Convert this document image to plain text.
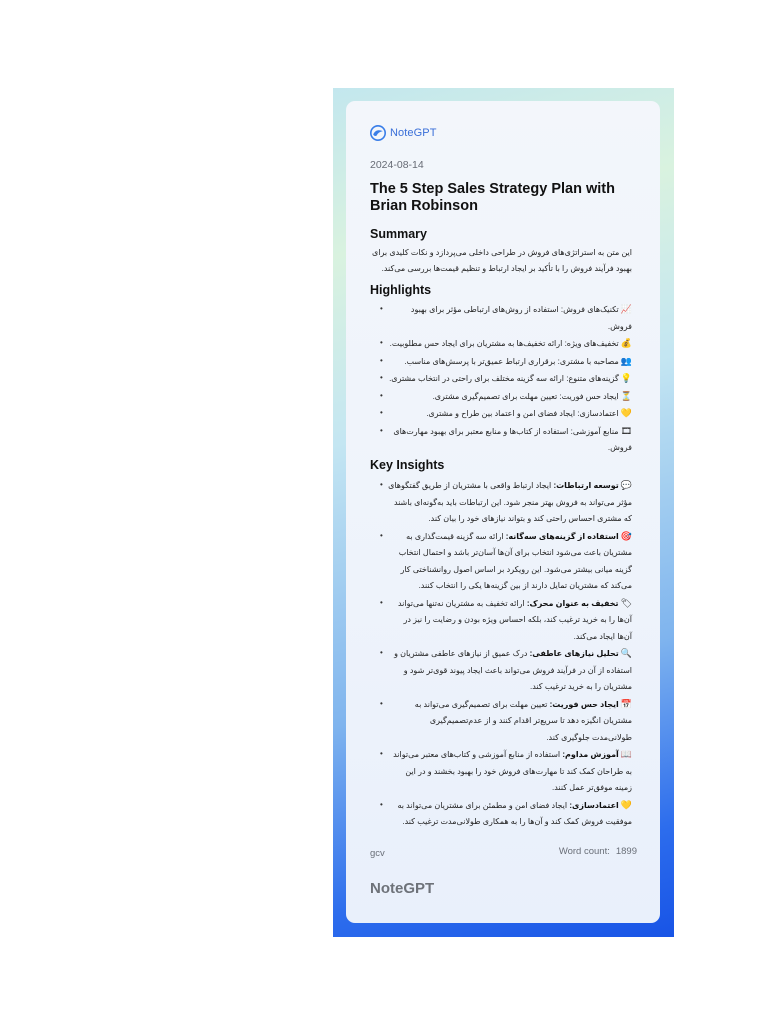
NoteGPT
2024-08-14
The 5 Step Sales Strategy Plan with Brian Robinson
Summary
این متن به استراتژی‌های فروش در طراحی داخلی می‌پردازد و نکات کلیدی برای بهبود فرآیند فروش را با تأکید بر ایجاد ارتباط و تنظیم قیمت‌ها بررسی می‌کند.
Highlights
•	📈تکنیک‌های فروش: استفاده از روش‌های ارتباطی مؤثر برای بهبود فروش.
•	💰تخفیف‌های ویژه: ارائه تخفیف‌ها به مشتریان برای ایجاد حس مطلوبیت.
•	👥مصاحبه با مشتری: برقراری ارتباط عمیق‌تر با پرسش‌های مناسب.
•	💡گزینه‌های متنوع: ارائه سه گزینه مختلف برای راحتی در انتخاب مشتری.
•	⏳ایجاد حس فوریت: تعیین مهلت برای تصمیم‌گیری مشتری.
•	💛اعتمادسازی: ایجاد فضای امن و اعتماد بین طراح و مشتری.
•	🎞منابع آموزشی: استفاده از کتاب‌ها و منابع معتبر برای بهبود مهارت‌های فروش.
Key Insights
•	💬توسعه ارتباطات: ایجاد ارتباط واقعی با مشتریان از طریق گفتگوهای مؤثر می‌تواند به فروش بهتر منجر شود. این ارتباطات باید به‌گونه‌ای باشند که مشتری احساس راحتی کند و بتواند نیازهای خود را بیان کند.
•	🎯استفاده از گزینه‌های سه‌گانه: ارائه سه گزینه قیمت‌گذاری به مشتریان باعث می‌شود انتخاب برای آن‌ها آسان‌تر باشد و احتمال انتخاب گزینه میانی بیشتر می‌شود. این رویکرد بر اساس اصول روانشناختی کار می‌کند که مشتریان تمایل دارند از بین گزینه‌ها یکی را انتخاب کنند.
•	🏷تخفیف به عنوان محرک: ارائه تخفیف به مشتریان نه‌تنها می‌تواند آن‌ها را به خرید ترغیب کند، بلکه احساس ویژه بودن و رضایت را نیز در آن‌ها ایجاد می‌کند.
•	🔍تحلیل نیازهای عاطفی: درک عمیق از نیازهای عاطفی مشتریان و استفاده از آن در فرآیند فروش می‌تواند باعث ایجاد پیوند قوی‌تر شود و مشتریان را به خرید ترغیب کند.
•	📅ایجاد حس فوریت: تعیین مهلت برای تصمیم‌گیری می‌تواند به مشتریان انگیزه دهد تا سریع‌تر اقدام کنند و از عدم‌تصمیم‌گیری طولانی‌مدت جلوگیری کند.
•	📖آموزش مداوم: استفاده از منابع آموزشی و کتاب‌های معتبر می‌تواند به طراحان کمک کند تا مهارت‌های فروش خود را بهبود بخشند و در این زمینه موفق‌تر عمل کنند.
•	💛اعتمادسازی: ایجاد فضای امن و مطمئن برای مشتریان می‌تواند به موفقیت فروش کمک کند و آن‌ها را به همکاری طولانی‌مدت ترغیب کند.
gcv	Word count: 1899
NoteGPT
